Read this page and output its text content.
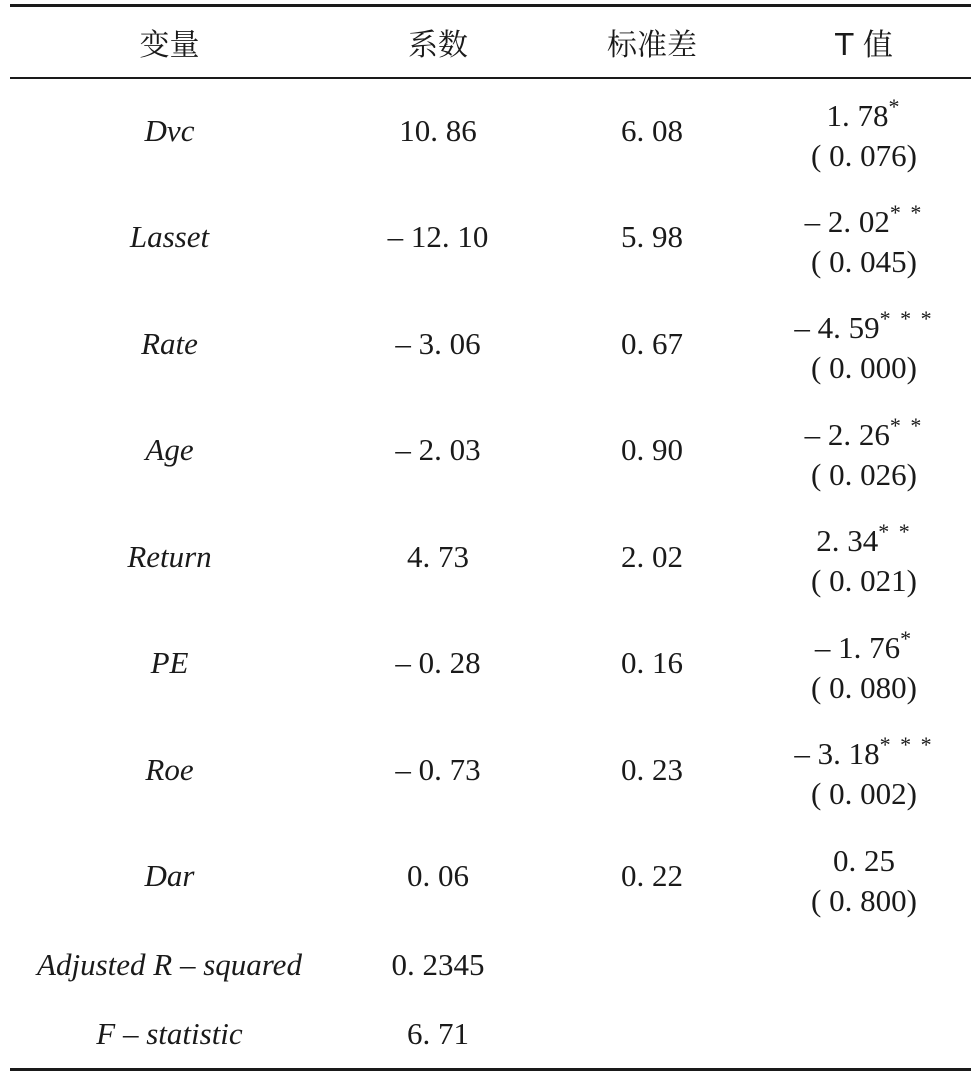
变量	系数	标准差	T 值
Dvc	10. 86	6. 08	1. 78*
( 0. 076)

Lasset	– 12. 10	5. 98	– 2. 02* *
( 0. 045)

Rate	– 3. 06	0. 67	– 4. 59* * *
( 0. 000)

Age	– 2. 03	0. 90	– 2. 26* *
( 0. 026)

Return	4. 73	2. 02	2. 34* *
( 0. 021)

PE	– 0. 28	0. 16	– 1. 76*
( 0. 080)

Roe	– 0. 73	0. 23	– 3. 18* * *
( 0. 002)

Dar	0. 06	0. 22	0. 25
( 0. 800)

Adjusted R – squared	0. 2345		
F – statistic	6. 71		
